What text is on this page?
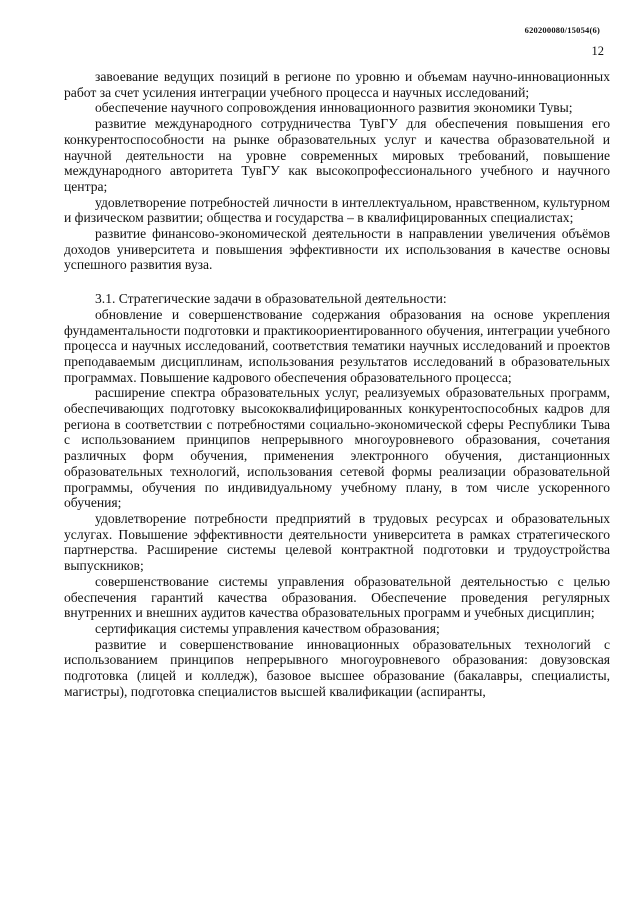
620200080/15054(6)
12

завоевание ведущих позиций в регионе по уровню и объемам научно-инновационных работ за счет усиления интеграции учебного процесса и научных исследований;

обеспечение научного сопровождения инновационного развития экономики Тувы;

развитие международного сотрудничества ТувГУ для обеспечения повышения его конкурентоспособности на рынке образовательных услуг и качества образовательной и научной деятельности на уровне современных мировых требований, повышение международного авторитета ТувГУ как высокопрофессионального учебного и научного центра;

удовлетворение потребностей личности в интеллектуальном, нравственном, культурном и физическом развитии; общества и государства – в квалифицированных специалистах;

развитие финансово-экономической деятельности в направлении увеличения объёмов доходов университета и повышения эффективности их использования в качестве основы успешного развития вуза.

3.1. Стратегические задачи в образовательной деятельности:

обновление и совершенствование содержания образования на основе укрепления фундаментальности подготовки и практикоориентированного обучения, интеграции учебного процесса и научных исследований, соответствия тематики научных исследований и проектов преподаваемым дисциплинам, использования результатов исследований в образовательных программах. Повышение кадрового обеспечения образовательного процесса;

расширение спектра образовательных услуг, реализуемых образовательных программ, обеспечивающих подготовку высококвалифицированных конкурентоспособных кадров для региона в соответствии с потребностями социально-экономической сферы Республики Тыва с использованием принципов непрерывного многоуровневого образования, сочетания различных форм обучения, применения электронного обучения, дистанционных образовательных технологий, использования сетевой формы реализации образовательной программы, обучения по индивидуальному учебному плану, в том числе ускоренного обучения;

удовлетворение потребности предприятий в трудовых ресурсах и образовательных услугах. Повышение эффективности деятельности университета в рамках стратегического партнерства. Расширение системы целевой контрактной подготовки и трудоустройства выпускников;

совершенствование системы управления образовательной деятельностью с целью обеспечения гарантий качества образования. Обеспечение проведения регулярных внутренних и внешних аудитов качества образовательных программ и учебных дисциплин;

сертификация системы управления качеством образования;

развитие и совершенствование инновационных образовательных технологий с использованием принципов непрерывного многоуровневого образования: довузовская подготовка (лицей и колледж), базовое высшее образование (бакалавры, специалисты, магистры), подготовка специалистов высшей квалификации (аспиранты,
